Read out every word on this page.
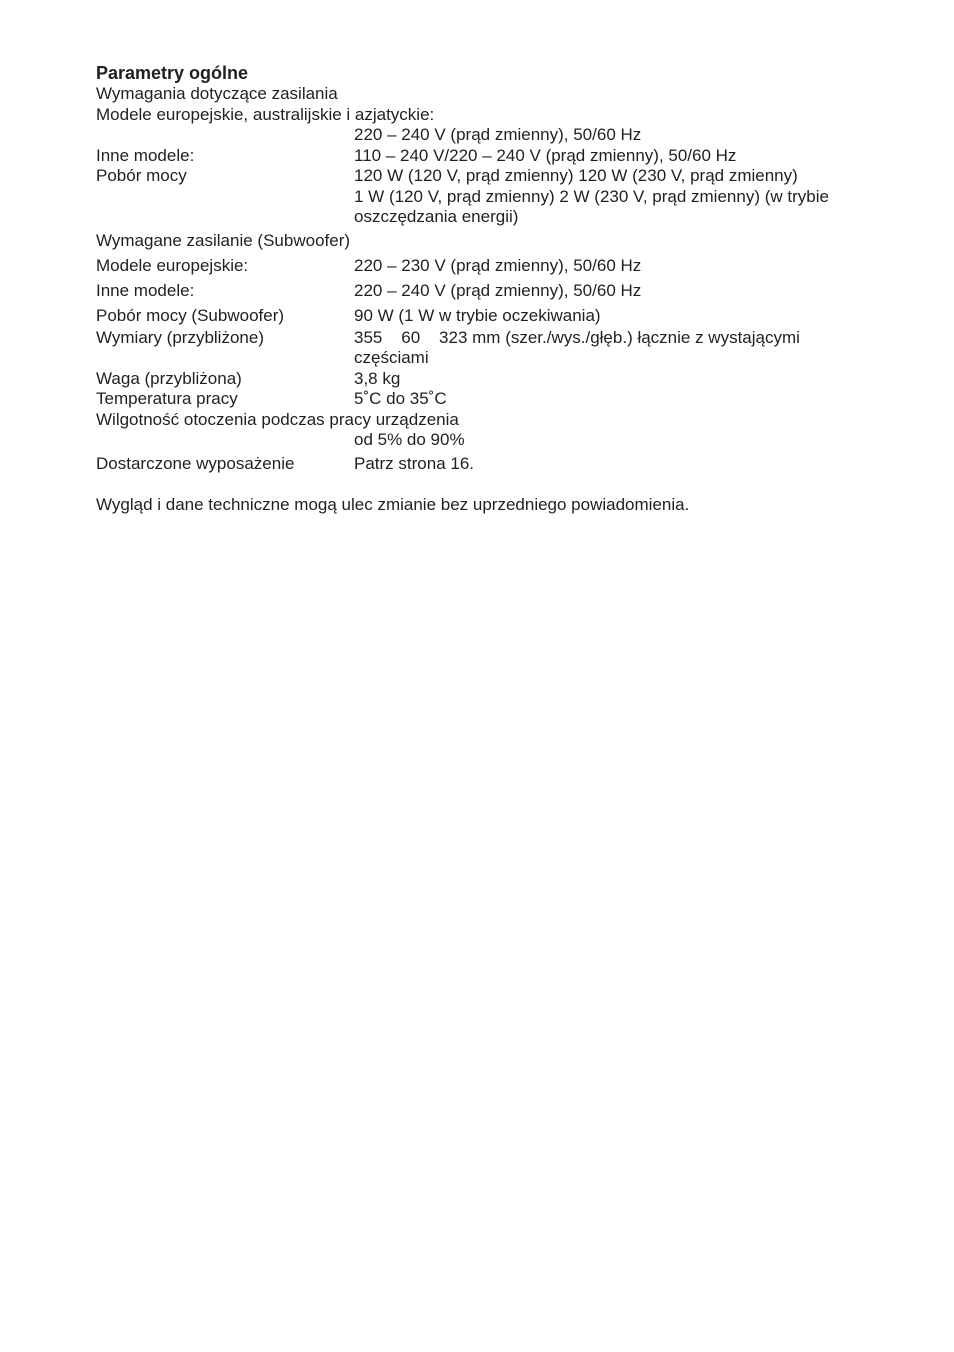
Parametry ogólne
Wymagania dotyczące zasilania
Modele europejskie, australijskie i azjatyckie:
220 – 240 V (prąd zmienny), 50/60 Hz
Inne modele:	110 – 240 V/220 – 240 V (prąd zmienny), 50/60 Hz
Pobór mocy	120 W (120 V, prąd zmienny) 120 W (230 V, prąd zmienny)
1 W (120 V, prąd zmienny) 2 W (230 V, prąd zmienny) (w trybie oszczędzania energii)
Wymagane zasilanie (Subwoofer)
Modele europejskie:	220 – 230 V (prąd zmienny), 50/60 Hz
Inne modele:	220 – 240 V (prąd zmienny), 50/60 Hz
Pobór mocy (Subwoofer)	90 W (1 W w trybie oczekiwania)
Wymiary (przybliżone)	355    60    323 mm (szer./wys./głęb.) łącznie z wystającymi częściami
Waga (przybliżona)	3,8 kg
Temperatura pracy	5˚C do 35˚C
Wilgotność otoczenia podczas pracy urządzenia
od 5% do 90%
Dostarczone wyposażenie	Patrz strona 16.
Wygląd i dane techniczne mogą ulec zmianie bez uprzedniego powiadomienia.
